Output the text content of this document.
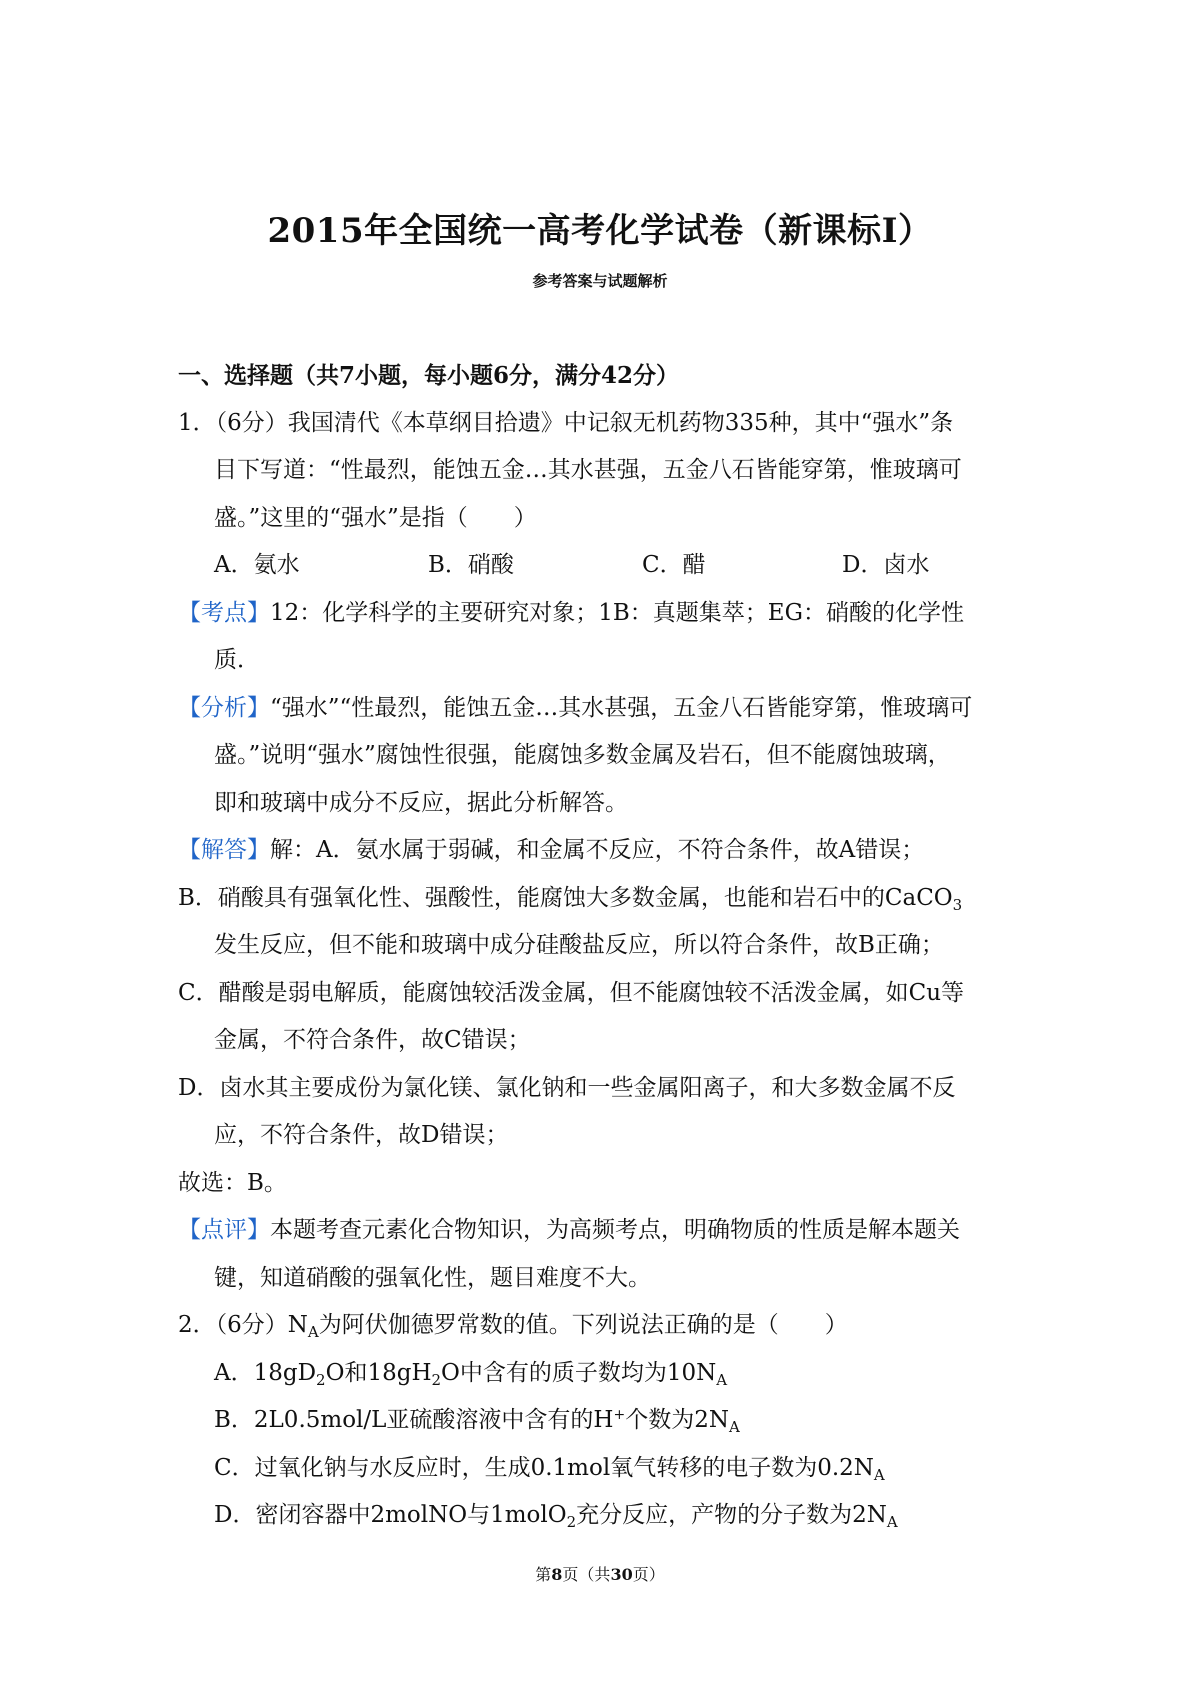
2015年全国统一高考化学试卷（新课标I）
参考答案与试题解析
一、选择题（共7小题，每小题6分，满分42分）
1．（6分）我国清代《本草纲目拾遗》中记叙无机药物335种，其中“强水”条
目下写道：“性最烈，能蚀五金…其水甚强，五金八石皆能穿第，惟玻璃可
盛。”这里的“强水”是指（　　）
A．氨水	B．硝酸	C．醋	D．卤水
【考点】12：化学科学的主要研究对象；1B：真题集萃；EG：硝酸的化学性
质．
【分析】“强水”“性最烈，能蚀五金…其水甚强，五金八石皆能穿第，惟玻璃可
盛。”说明“强水”腐蚀性很强，能腐蚀多数金属及岩石，但不能腐蚀玻璃，
即和玻璃中成分不反应，据此分析解答。
【解答】解：A．氨水属于弱碱，和金属不反应，不符合条件，故A错误；
B．硝酸具有强氧化性、强酸性，能腐蚀大多数金属，也能和岩石中的CaCO$_3$
发生反应，但不能和玻璃中成分硅酸盐反应，所以符合条件，故B正确；
C．醋酸是弱电解质，能腐蚀较活泼金属，但不能腐蚀较不活泼金属，如Cu等
金属，不符合条件，故C错误；
D．卤水其主要成份为氯化镁、氯化钠和一些金属阳离子，和大多数金属不反
应，不符合条件，故D错误；
故选：B。
【点评】本题考查元素化合物知识，为高频考点，明确物质的性质是解本题关
键，知道硝酸的强氧化性，题目难度不大。
2．（6分）$N_A$为阿伏伽德罗常数的值。下列说法正确的是（　　）
A．$18gD_2O$和$18gH_2O$中含有的质子数均为$10N_A$
B．2L0.5mol/L亚硫酸溶液中含有的H+个数为$2N_A$
C．过氧化钠与水反应时，生成0.1mol氧气转移的电子数为$0.2N_A$
D．密闭容器中2molNO与1molO$_2$充分反应，产物的分子数为$2N_A$
第8页（共30页）
